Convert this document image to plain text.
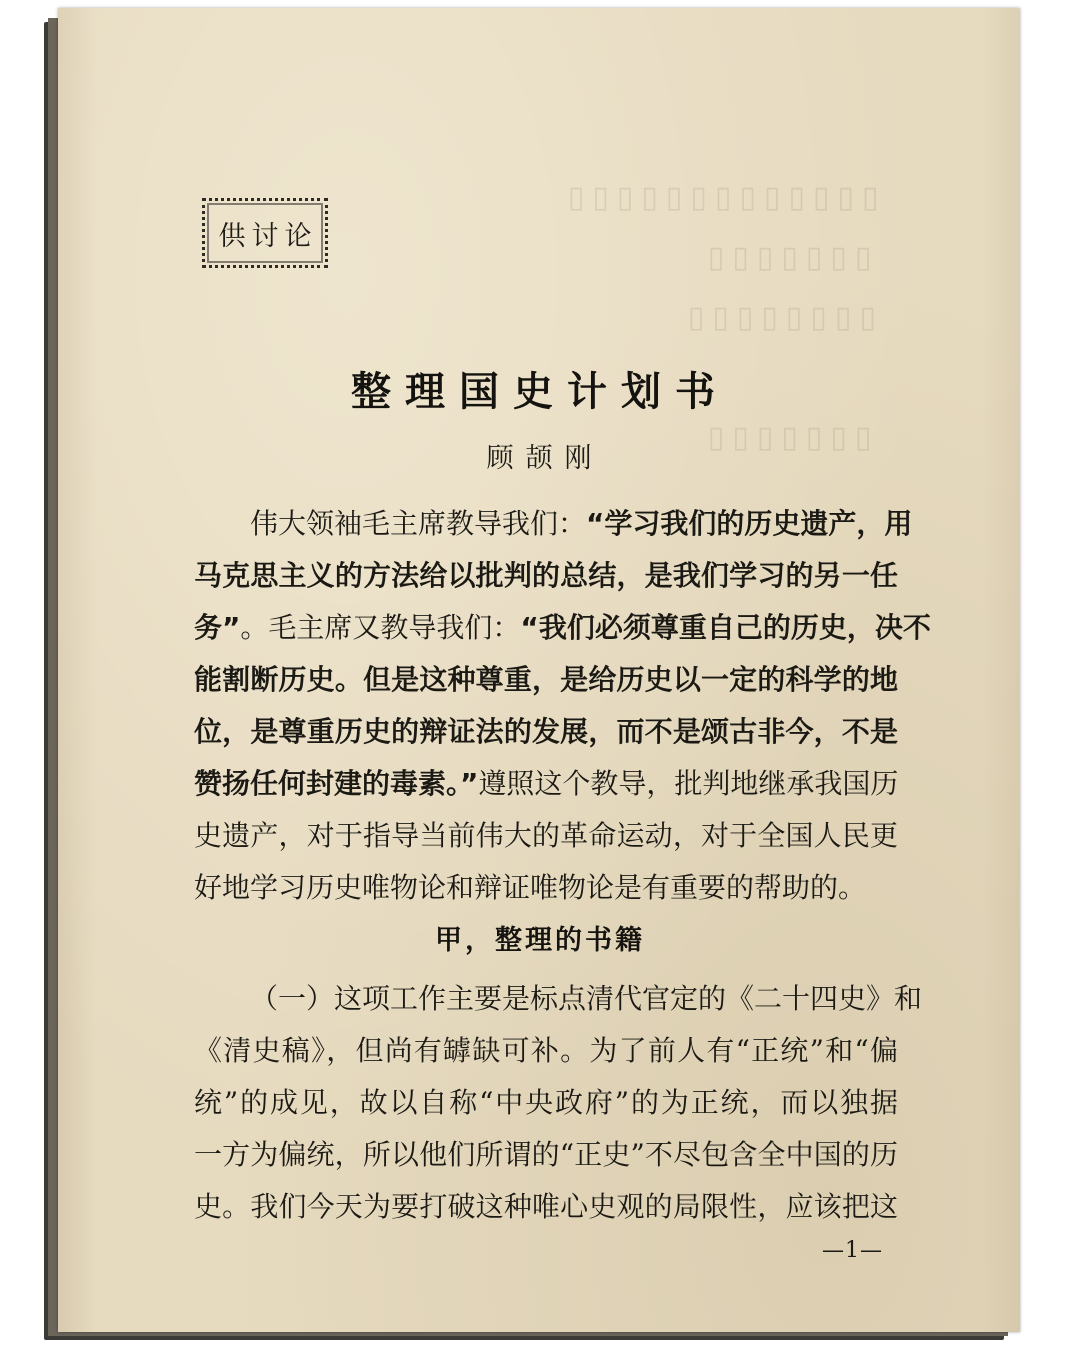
▯▯▯▯▯▯▯▯▯▯▯▯▯
▯▯▯▯▯▯▯
▯▯▯▯▯▯▯▯
▯▯▯▯▯▯▯
供讨论
整理国史计划书
顾颉刚
伟大领袖毛主席教导我们：“学习我们的历史遗产，用
马克思主义的方法给以批判的总结，是我们学习的另一任
务”。毛主席又教导我们：“我们必须尊重自己的历史，决不
能割断历史。但是这种尊重，是给历史以一定的科学的地
位，是尊重历史的辩证法的发展，而不是颂古非今，不是
赞扬任何封建的毒素。”遵照这个教导，批判地继承我国历
史遗产，对于指导当前伟大的革命运动，对于全国人民更
好地学习历史唯物论和辩证唯物论是有重要的帮助的。
甲，整理的书籍
（一）这项工作主要是标点清代官定的《二十四史》和
《清史稿》，但尚有罅缺可补。为了前人有“正统”和“偏
统”的成见，故以自称“中央政府”的为正统，而以独据
一方为偏统，所以他们所谓的“正史”不尽包含全中国的历
史。我们今天为要打破这种唯心史观的局限性，应该把这
—1—
